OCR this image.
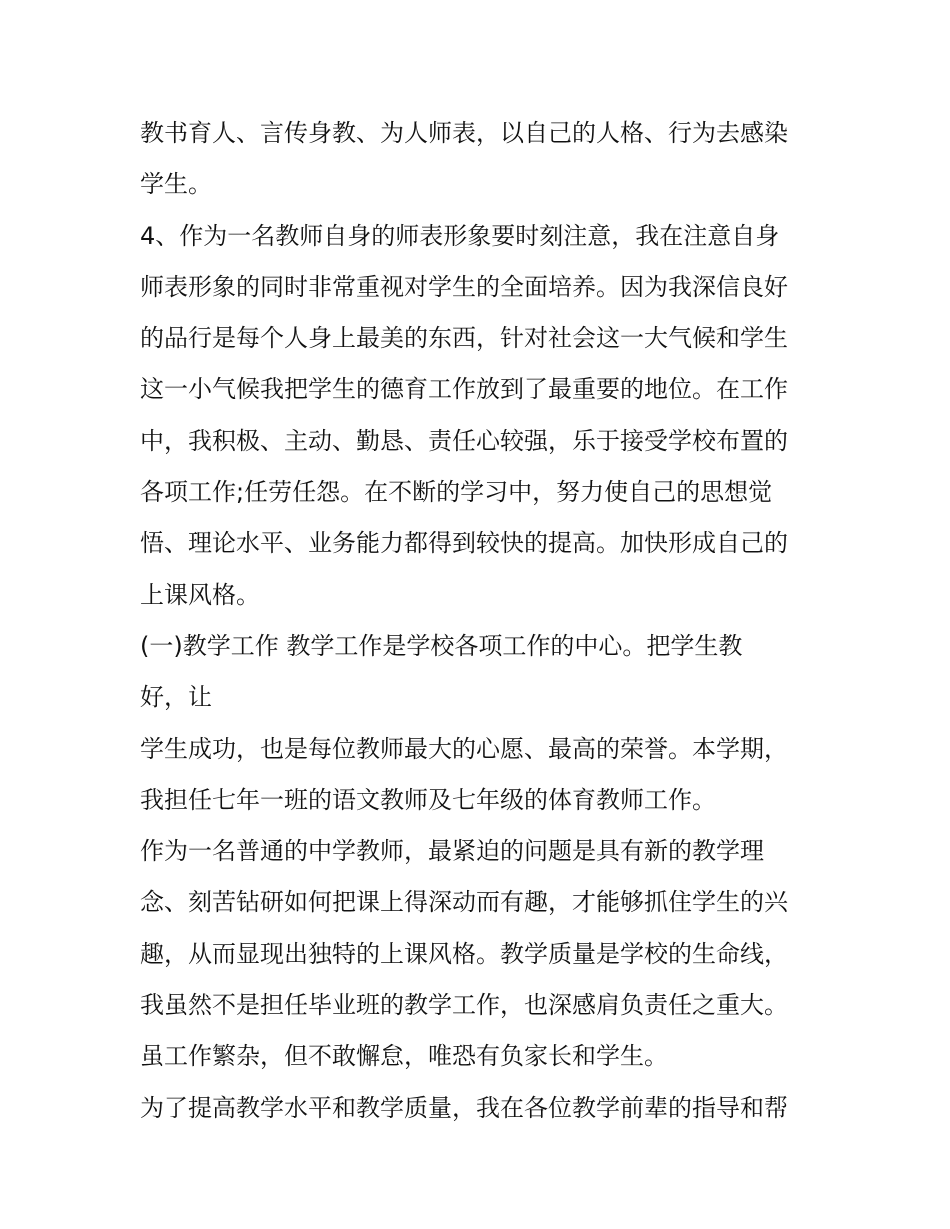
教书育人、言传身教、为人师表，以自己的人格、行为去感染
学生。
4、作为一名教师自身的师表形象要时刻注意，我在注意自身
师表形象的同时非常重视对学生的全面培养。因为我深信良好
的品行是每个人身上最美的东西，针对社会这一大气候和学生
这一小气候我把学生的德育工作放到了最重要的地位。在工作
中，我积极、主动、勤恳、责任心较强，乐于接受学校布置的
各项工作;任劳任怨。在不断的学习中，努力使自己的思想觉
悟、理论水平、业务能力都得到较快的提高。加快形成自己的
上课风格。
(一)教学工作 教学工作是学校各项工作的中心。把学生教
好，让
学生成功，也是每位教师最大的心愿、最高的荣誉。本学期，
我担任七年一班的语文教师及七年级的体育教师工作。
作为一名普通的中学教师，最紧迫的问题是具有新的教学理
念、刻苦钻研如何把课上得深动而有趣，才能够抓住学生的兴
趣，从而显现出独特的上课风格。教学质量是学校的生命线，
我虽然不是担任毕业班的教学工作，也深感肩负责任之重大。
虽工作繁杂，但不敢懈怠，唯恐有负家长和学生。
为了提高教学水平和教学质量，我在各位教学前辈的指导和帮
